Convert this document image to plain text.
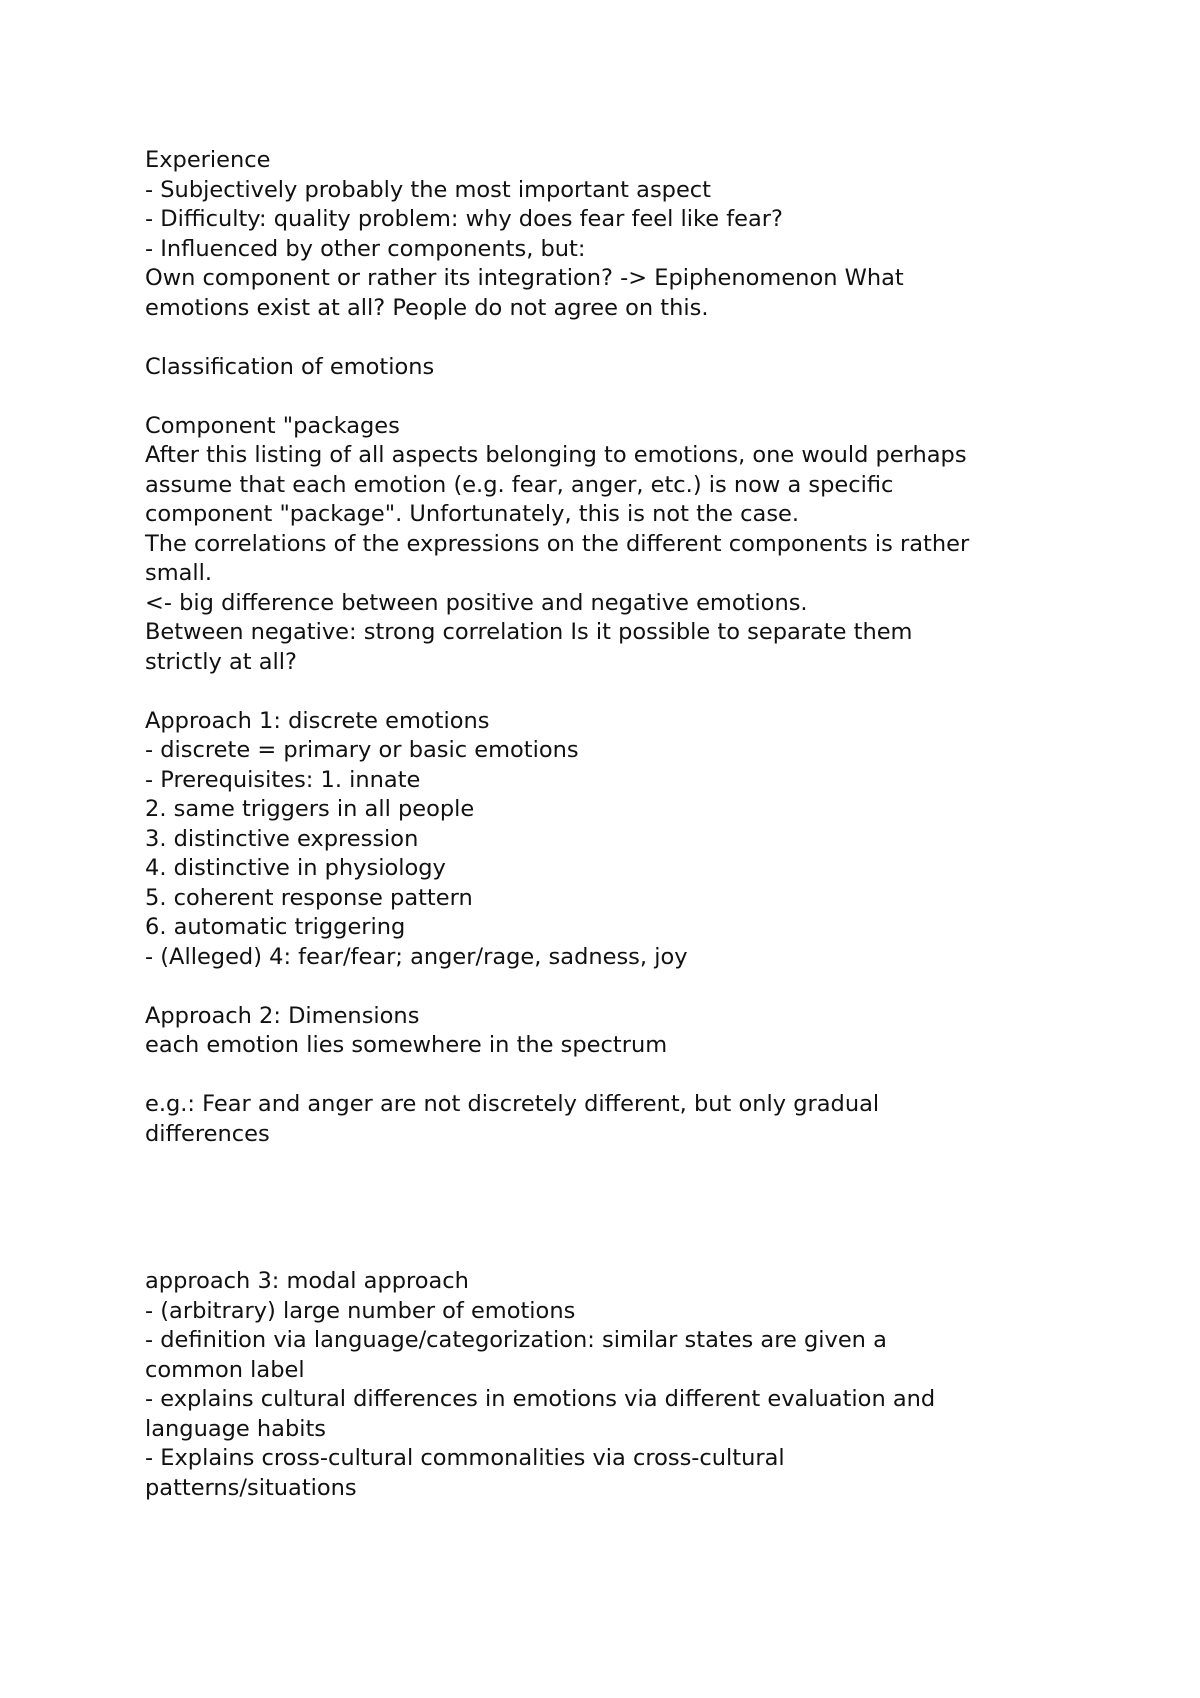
Experience
- Subjectively probably the most important aspect
- Difficulty: quality problem: why does fear feel like fear?
- Influenced by other components, but:
Own component or rather its integration? -> Epiphenomenon What
emotions exist at all? People do not agree on this.
Classification of emotions
Component "packages
After this listing of all aspects belonging to emotions, one would perhaps
assume that each emotion (e.g. fear, anger, etc.) is now a specific
component "package". Unfortunately, this is not the case.
The correlations of the expressions on the different components is rather
small.
<- big difference between positive and negative emotions.
Between negative: strong correlation Is it possible to separate them
strictly at all?
Approach 1: discrete emotions
- discrete = primary or basic emotions
- Prerequisites: 1. innate
2. same triggers in all people
3. distinctive expression
4. distinctive in physiology
5. coherent response pattern
6. automatic triggering
- (Alleged) 4: fear/fear; anger/rage, sadness, joy
Approach 2: Dimensions
each emotion lies somewhere in the spectrum
e.g.: Fear and anger are not discretely different, but only gradual
differences
approach 3: modal approach
- (arbitrary) large number of emotions
- definition via language/categorization: similar states are given a
common label
- explains cultural differences in emotions via different evaluation and
language habits
- Explains cross-cultural commonalities via cross-cultural
patterns/situations
